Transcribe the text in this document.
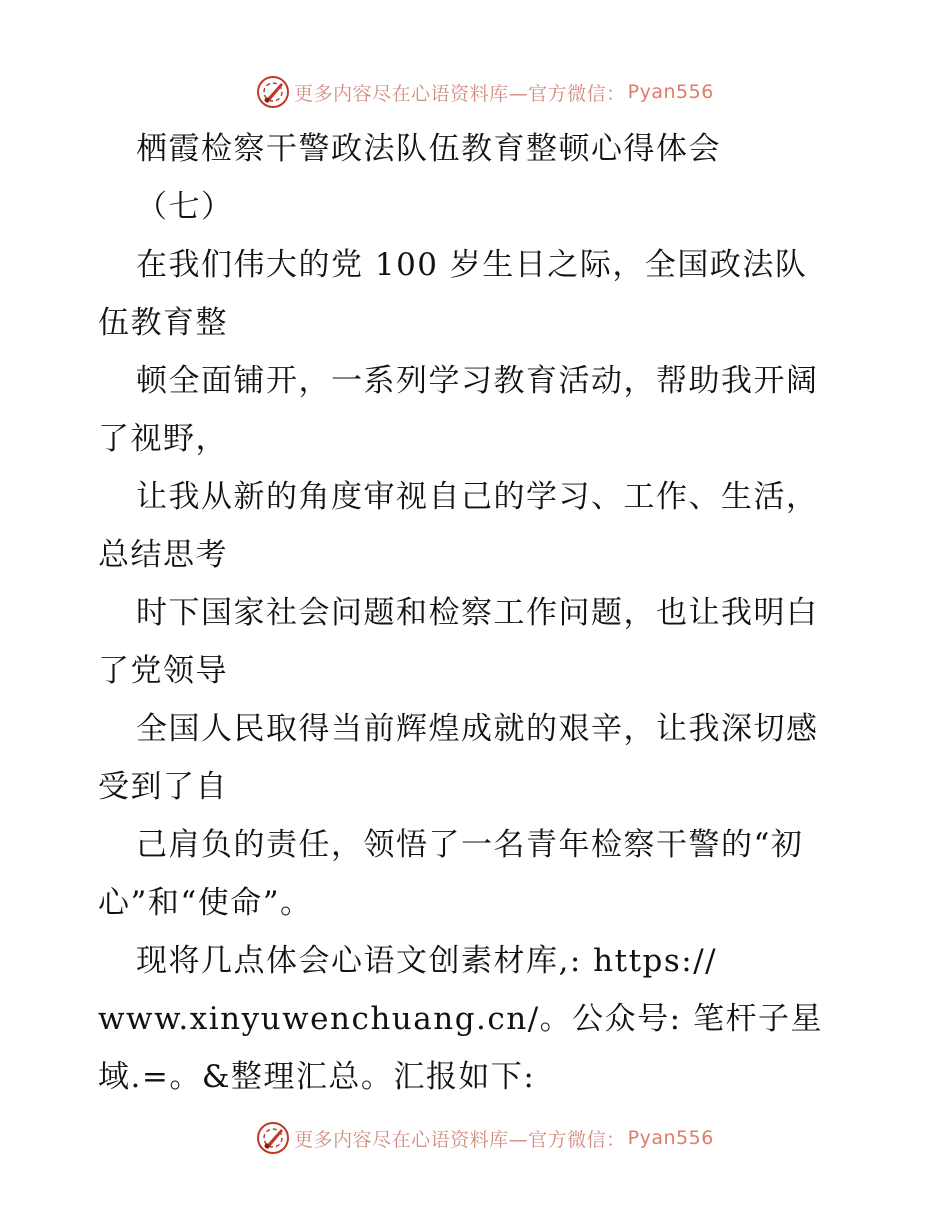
更多内容尽在心语资料库—官方微信： Pyan556
栖霞检察干警政法队伍教育整顿心得体会
（七）
在我们伟大的党 100 岁生日之际，全国政法队
伍教育整
顿全面铺开，一系列学习教育活动，帮助我开阔
了视野，
让我从新的角度审视自己的学习、工作、生活，
总结思考
时下国家社会问题和检察工作问题，也让我明白
了党领导
全国人民取得当前辉煌成就的艰辛，让我深切感
受到了自
己肩负的责任，领悟了一名青年检察干警的“初
心”和“使命”。
现将几点体会心语文创素材库,: https://
www.xinyuwenchuang.cn/。公众号: 笔杆子星
域.=。&整理汇总。汇报如下:
更多内容尽在心语资料库—官方微信： Pyan556
